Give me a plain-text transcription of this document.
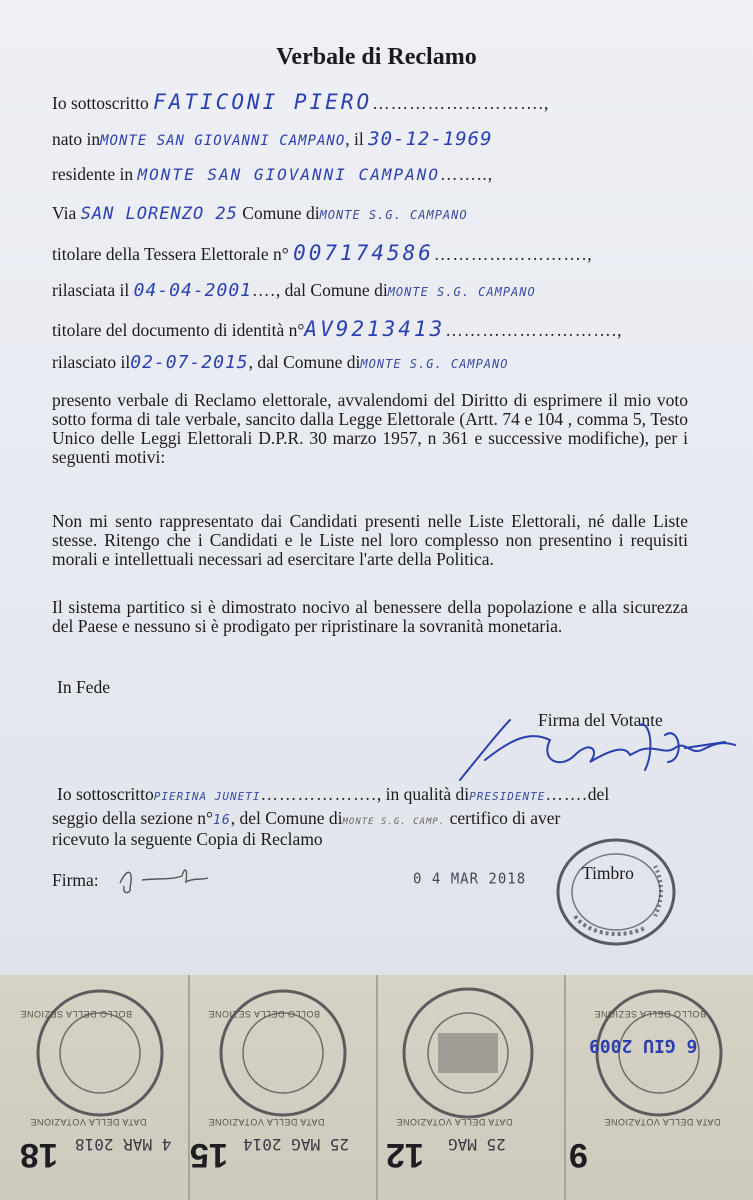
Verbale di Reclamo
Io sottoscritto FATICONI PIERO……………………….,
nato inMONTE SAN GIOVANNI CAMPANO, il 30-12-1969
residente in MONTE SAN GIOVANNI CAMPANO……..,
Via SAN LORENZO 25 Comune diMONTE S.G. CAMPANO
titolare della Tessera Elettorale n° 007174586…………………….,
rilasciata il 04-04-2001…., dal Comune diMONTE S.G. CAMPANO
titolare del documento di identità n°AV9213413……………………….,
rilasciato il02-07-2015, dal Comune diMONTE S.G. CAMPANO
presento verbale di Reclamo elettorale, avvalendomi del Diritto di esprimere il mio voto sotto forma di tale verbale, sancito dalla Legge Elettorale (Artt. 74 e 104 , comma 5, Testo Unico delle Leggi Elettorali D.P.R. 30 marzo 1957, n 361 e successive modifiche), per i seguenti motivi:
Non mi sento rappresentato dai Candidati presenti nelle Liste Elettorali, né dalle Liste stesse. Ritengo che i Candidati e le Liste nel loro complesso non presentino i requisiti morali e intellettuali necessari ad esercitare l'arte della Politica.
Il sistema partitico si è dimostrato nocivo al benessere della popolazione e alla sicurezza del Paese e nessuno si è prodigato per ripristinare la sovranità monetaria.
In Fede
Firma del Votante
Io sottoscrittoPIERINA JUNETI………………., in qualità diPRESIDENTE…….del
seggio della sezione n°16, del Comune diMONTE S.G. CAMP. certifico di aver
ricevuto la seguente Copia di Reclamo
Firma:	0 4 MAR 2018	Timbro
BOLLO DELLA SEZIONE
DATA DELLA VOTAZIONE
18 4 MAR 2018
BOLLO DELLA SEZIONE
DATA DELLA VOTAZIONE
15 25 MAG 2014
DATA DELLA VOTAZIONE
12 25 MAG
6 GIU 2009
BOLLO DELLA SEZIONE
DATA DELLA VOTAZIONE
9
